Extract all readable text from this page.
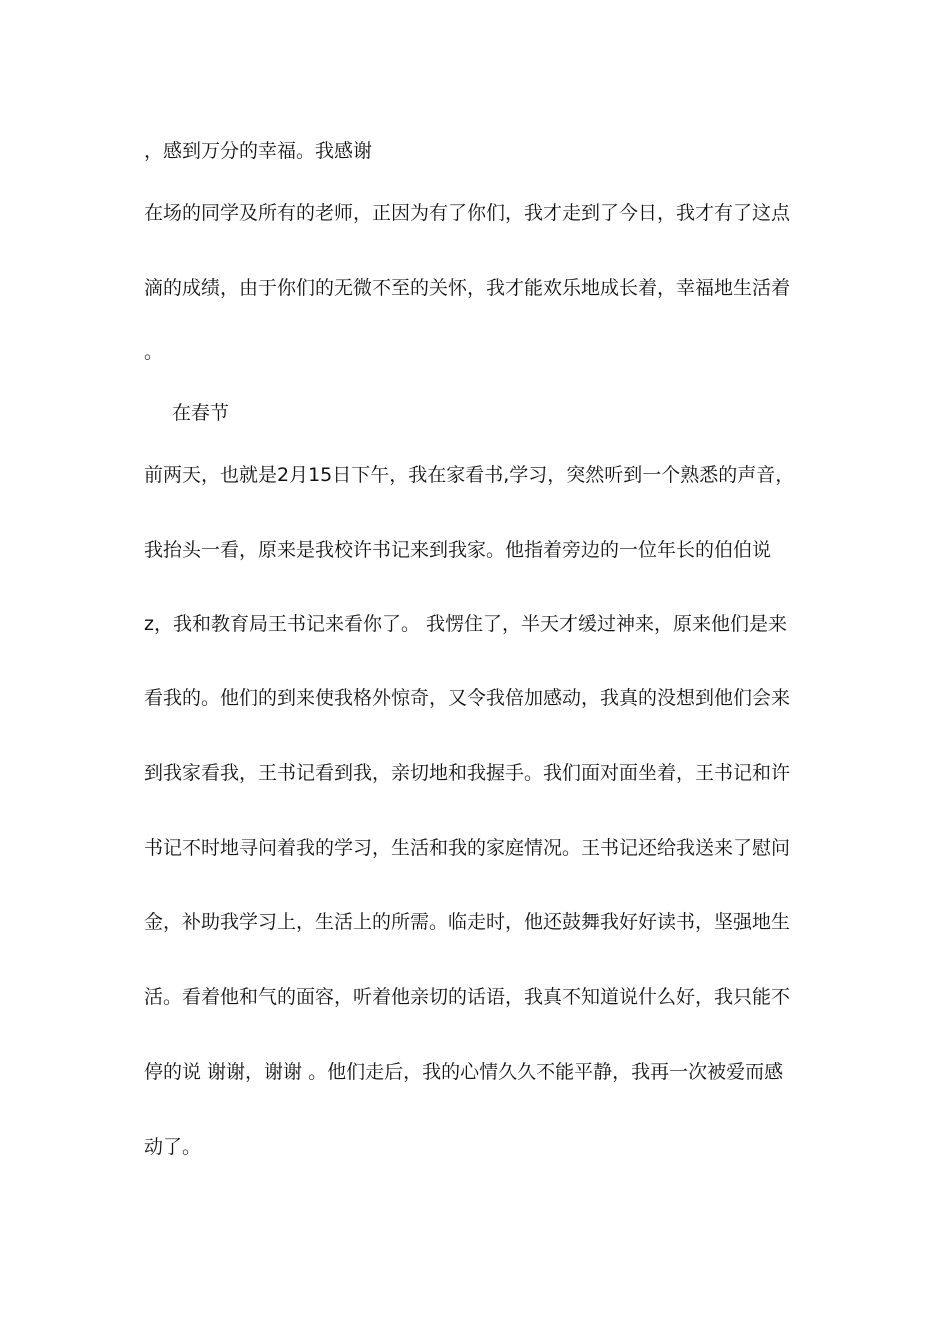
，感到万分的幸福。我感谢
在场的同学及所有的老师，正因为有了你们，我才走到了今日，我才有了这点
滴的成绩，由于你们的无微不至的关怀，我才能欢乐地成长着，幸福地生活着
。
在春节
前两天，也就是2月15日下午，我在家看书,学习，突然听到一个熟悉的声音，
我抬头一看，原来是我校许书记来到我家。他指着旁边的一位年长的伯伯说
z，我和教育局王书记来看你了。 我愣住了，半天才缓过神来，原来他们是来
看我的。他们的到来使我格外惊奇，又令我倍加感动，我真的没想到他们会来
到我家看我，王书记看到我，亲切地和我握手。我们面对面坐着，王书记和许
书记不时地寻问着我的学习，生活和我的家庭情况。王书记还给我送来了慰问
金，补助我学习上，生活上的所需。临走时，他还鼓舞我好好读书，坚强地生
活。看着他和气的面容，听着他亲切的话语，我真不知道说什么好，我只能不
停的说 谢谢，谢谢 。他们走后，我的心情久久不能平静，我再一次被爱而感
动了。
